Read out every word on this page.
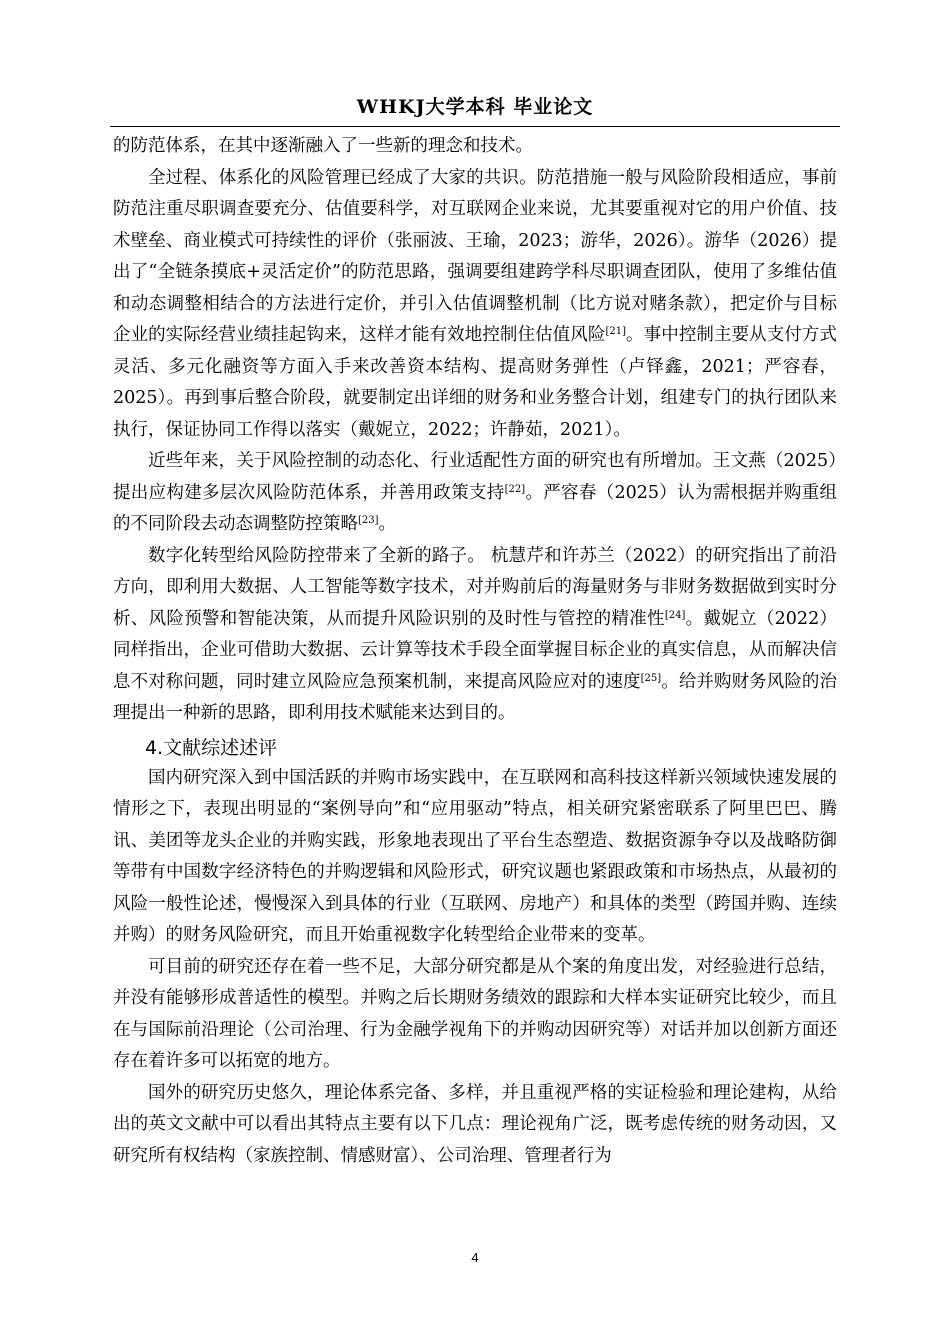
WHKJ大学本科 毕业论文

的防范体系，在其中逐渐融入了一些新的理念和技术。

全过程、体系化的风险管理已经成了大家的共识。防范措施一般与风险阶段相适应，事前防范注重尽职调查要充分、估值要科学，对互联网企业来说，尤其要重视对它的用户价值、技术壁垒、商业模式可持续性的评价（张丽波、王瑜，2023；游华，2026）。游华（2026）提出了“全链条摸底+灵活定价”的防范思路，强调要组建跨学科尽职调查团队，使用了多维估值和动态调整相结合的方法进行定价，并引入估值调整机制（比方说对赌条款），把定价与目标企业的实际经营业绩挂起钩来，这样才能有效地控制住估值风险[21]。事中控制主要从支付方式灵活、多元化融资等方面入手来改善资本结构、提高财务弹性（卢铎鑫，2021；严容春，2025）。再到事后整合阶段，就要制定出详细的财务和业务整合计划，组建专门的执行团队来执行，保证协同工作得以落实（戴妮立，2022；许静茹，2021）。

近些年来，关于风险控制的动态化、行业适配性方面的研究也有所增加。王文燕（2025）提出应构建多层次风险防范体系，并善用政策支持[22]。严容春（2025）认为需根据并购重组的不同阶段去动态调整防控策略[23]。

数字化转型给风险防控带来了全新的路子。 杭慧芹和许苏兰（2022）的研究指出了前沿方向，即利用大数据、人工智能等数字技术，对并购前后的海量财务与非财务数据做到实时分析、风险预警和智能决策，从而提升风险识别的及时性与管控的精准性[24]。戴妮立（2022）同样指出，企业可借助大数据、云计算等技术手段全面掌握目标企业的真实信息，从而解决信息不对称问题，同时建立风险应急预案机制，来提高风险应对的速度[25]。给并购财务风险的治理提出一种新的思路，即利用技术赋能来达到目的。

4.文献综述述评

国内研究深入到中国活跃的并购市场实践中，在互联网和高科技这样新兴领域快速发展的情形之下，表现出明显的“案例导向”和“应用驱动”特点，相关研究紧密联系了阿里巴巴、腾讯、美团等龙头企业的并购实践，形象地表现出了平台生态塑造、数据资源争夺以及战略防御等带有中国数字经济特色的并购逻辑和风险形式，研究议题也紧跟政策和市场热点，从最初的风险一般性论述，慢慢深入到具体的行业（互联网、房地产）和具体的类型（跨国并购、连续并购）的财务风险研究，而且开始重视数字化转型给企业带来的变革。

可目前的研究还存在着一些不足，大部分研究都是从个案的角度出发，对经验进行总结，并没有能够形成普适性的模型。并购之后长期财务绩效的跟踪和大样本实证研究比较少，而且在与国际前沿理论（公司治理、行为金融学视角下的并购动因研究等）对话并加以创新方面还存在着许多可以拓宽的地方。

国外的研究历史悠久，理论体系完备、多样，并且重视严格的实证检验和理论建构，从给出的英文文献中可以看出其特点主要有以下几点：理论视角广泛，既考虑传统的财务动因，又研究所有权结构（家族控制、情感财富）、公司治理、管理者行为

4
